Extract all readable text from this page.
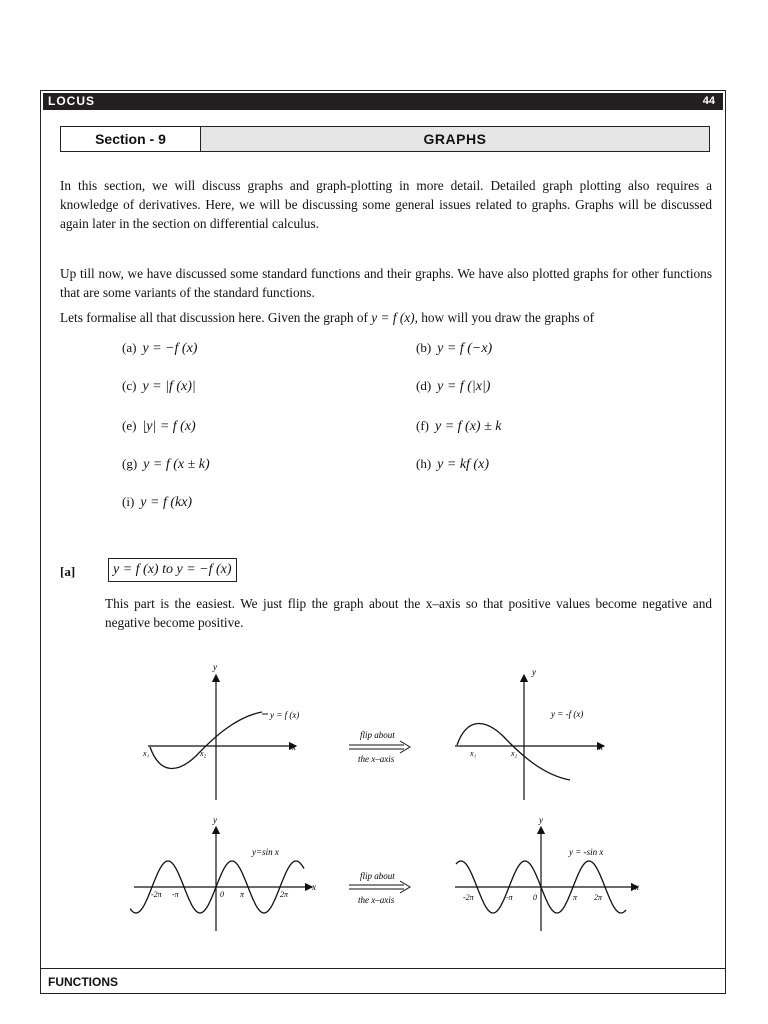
LOCUS	44
Section - 9	GRAPHS
In this section, we will discuss graphs and graph-plotting in more detail. Detailed graph plotting also requires a knowledge of derivatives. Here, we will be discussing some general issues related to graphs. Graphs will be discussed again later in the section on differential calculus.
Up till now, we have discussed some standard functions and their graphs. We have also plotted graphs for other functions that are some variants of the standard functions.
Lets formalise all that discussion here. Given the graph of y = f (x), how will you draw the graphs of
(a) y = −f (x)	(b) y = f (−x)
(c) y = |f (x)|	(d) y = f (|x|)
(e) |y| = f (x)	(f) y = f (x) ± k
(g) y = f (x ± k)	(h) y = kf (x)
(i) y = f (kx)
[a]	y = f (x) to y = −f (x)
This part is the easiest. We just flip the graph about the x–axis so that positive values become negative and negative become positive.
y = f (x)
x
y
x₁	x₂
flip about
the x–axis
y = -f (x)
x
y
x₁	x₂
y=sin x
x
y
-2π -π	0 π	2π
flip about
the x–axis
y = -sin x
x
y
-2π	-π	0	π 2π
FUNCTIONS
